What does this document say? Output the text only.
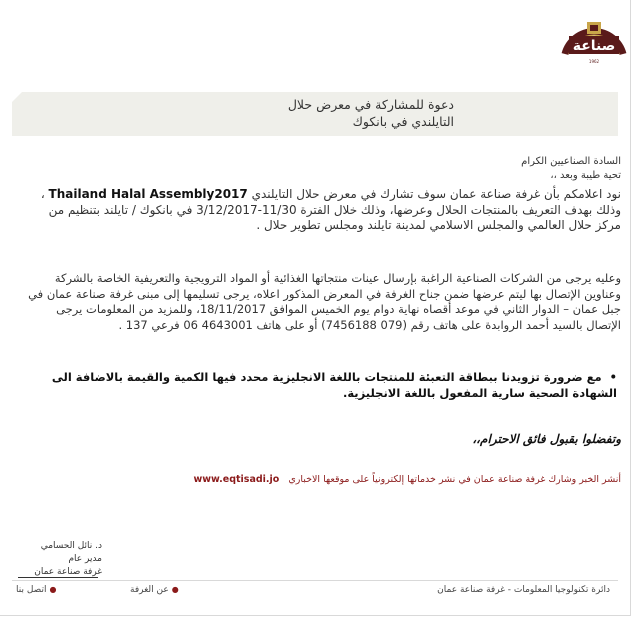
صناعة
1962
دعوة للمشاركة في معرض حلال
التايلندي في بانكوك
السادة الصناعيين الكرام
تحية طيبة وبعد ،،
نود اعلامكم بأن غرفة صناعة عمان سوف تشارك في معرض حلال التايلندي Thailand Halal Assembly2017 ، وذلك بهدف التعريف بالمنتجات الحلال وعرضها، وذلك خلال الفترة 11/30-3/12/2017 في بانكوك / تايلند بتنظيم من مركز حلال العالمي والمجلس الاسلامي لمدينة تايلند ومجلس تطوير حلال .
وعليه يرجى من الشركات الصناعية الراغبة بإرسال عينات منتجاتها الغذائية أو المواد الترويجية والتعريفية الخاصة بالشركة وعناوين الإتصال بها ليتم عرضها ضمن جناح الغرفة في المعرض المذكور اعلاه، يرجى تسليمها إلى مبنى غرفة صناعة عمان في جبل عمان – الدوار الثاني في موعد أقصاه نهاية دوام يوم الخميس الموافق 18/11/2017، وللمزيد من المعلومات يرجى الإتصال بالسيد أحمد الروابدة على هاتف رقم (079 7456188) أو على هاتف 4643001 06 فرعي 137 .
•مع ضرورة تزويدنا ببطاقة التعبئة للمنتجات باللغة الانجليزية محدد فيها الكمية والقيمة بالاضافة الى الشهادة الصحية سارية المفعول باللغة الانجليزية.
وتفضلوا بقبول فائق الاحترام،،
أنشر الخبر وشارك غرفة صناعة عمان في نشر خدماتها إلكترونياً على موقعها الاخباري www.eqtisadi.jo
د. نائل الحسامي
مدير عام
غرفة صناعة عمان
دائرة تكنولوجيا المعلومات - غرفة صناعة عمان
●عن الغرفة
●اتصل بنا
